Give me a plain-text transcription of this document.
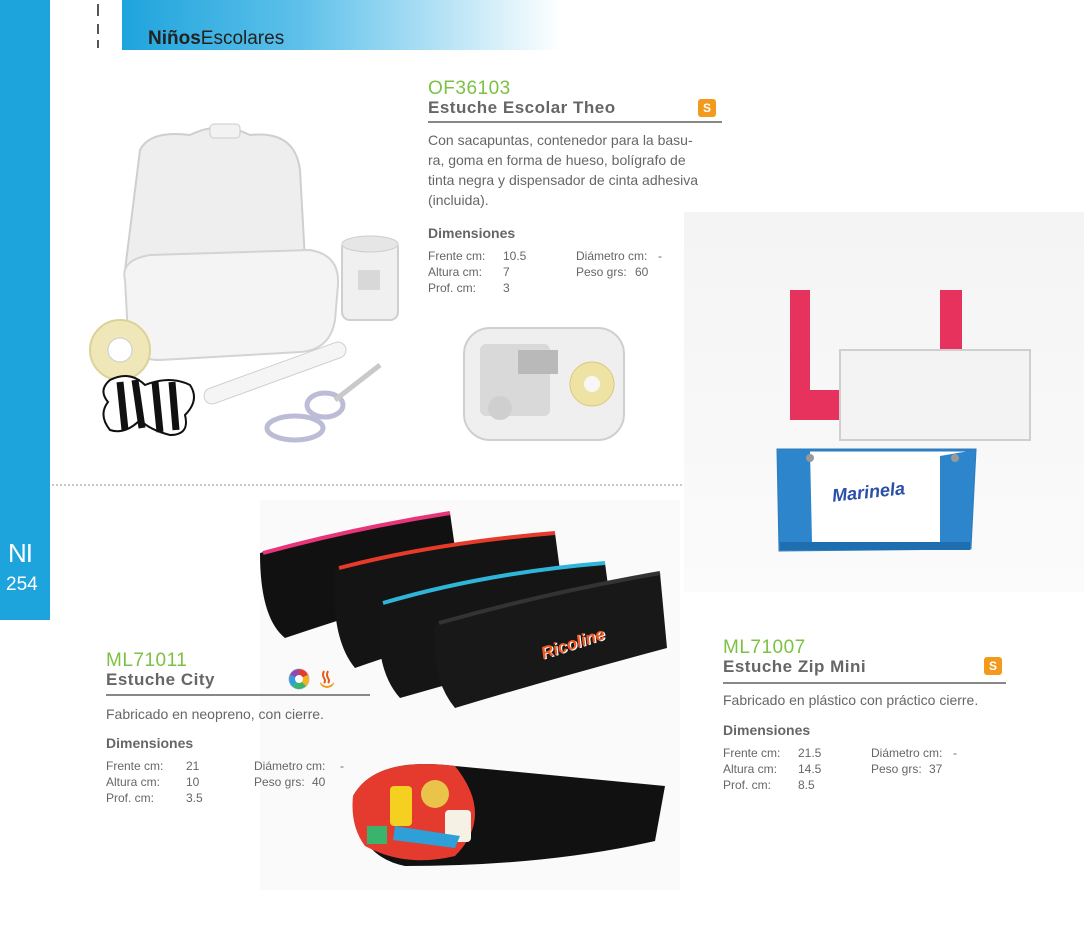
NI
254
NiñosEscolares
OF36103
Estuche Escolar Theo	S
Con sacapuntas, contenedor para la basu-
ra, goma en forma de hueso, bolígrafo de
tinta negra y dispensador de cinta adhesiva
(incluida).
Dimensiones
Frente cm:
Altura cm:
Prof. cm:
10.5
7
3
Diámetro cm:
Peso grs:
-
60
Marinela
ML71007
Estuche Zip Mini	S
Fabricado en plástico con práctico cierre.
Dimensiones
Frente cm:
Altura cm:
Prof. cm:
21.5
14.5
8.5
Diámetro cm:
Peso grs:
-
37
Ricoline
ML71011
Estuche City
Fabricado en neopreno, con cierre.
Dimensiones
Frente cm:
Altura cm:
Prof. cm:
21
10
3.5
Diámetro cm:
Peso grs:
-
40
